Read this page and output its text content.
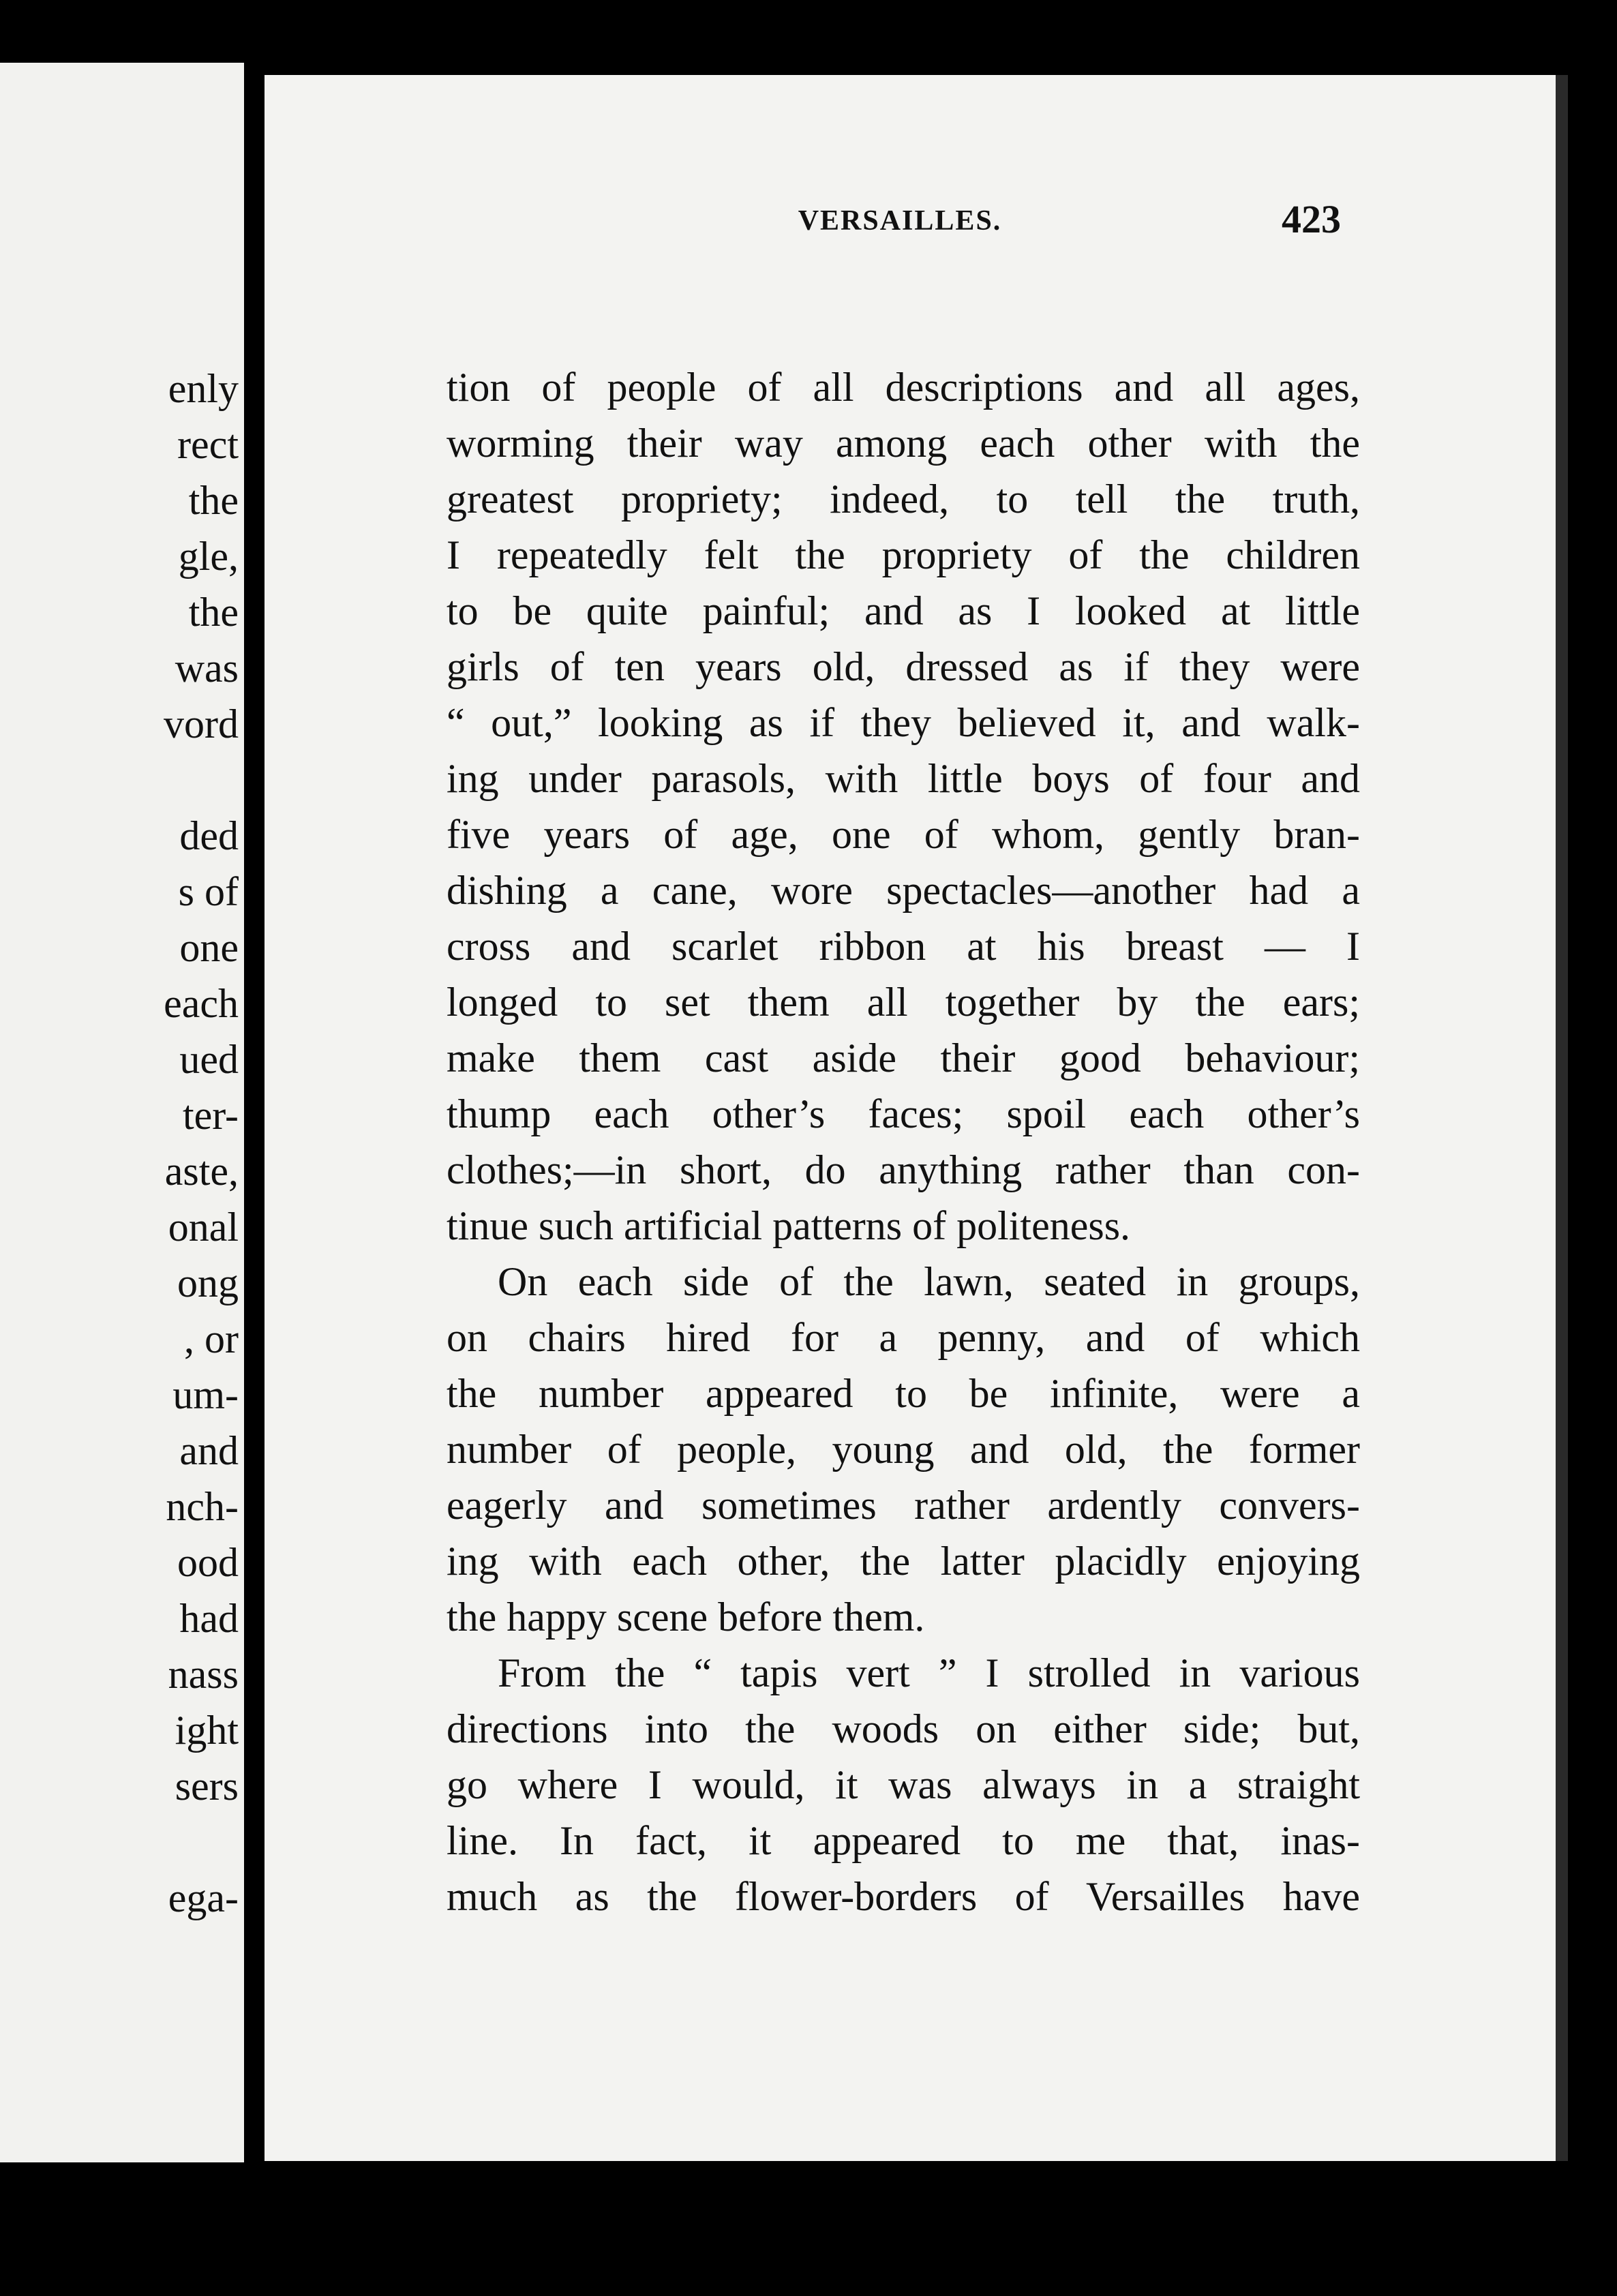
enly
rect
the
gle,
the
was
vord
ded
s of
one
each
ued
ter-
aste,
onal
ong
, or
um-
and
nch-
ood
had
nass
ight
sers
ega-
VERSAILLES.	423
tion of people of all descriptions and all ages,
worming their way among each other with the
greatest propriety; indeed, to tell the truth,
I repeatedly felt the propriety of the children
to be quite painful; and as I looked at little
girls of ten years old, dressed as if they were
“ out,” looking as if they believed it, and walk-
ing under parasols, with little boys of four and
five years of age, one of whom, gently bran-
dishing a cane, wore spectacles—another had a
cross and scarlet ribbon at his breast — I
longed to set them all together by the ears;
make them cast aside their good behaviour;
thump each other’s faces; spoil each other’s
clothes;—in short, do anything rather than con-
tinue such artificial patterns of politeness.
On each side of the lawn, seated in groups,
on chairs hired for a penny, and of which
the number appeared to be infinite, were a
number of people, young and old, the former
eagerly and sometimes rather ardently convers-
ing with each other, the latter placidly enjoying
the happy scene before them.
From the “ tapis vert ” I strolled in various
directions into the woods on either side; but,
go where I would, it was always in a straight
line. In fact, it appeared to me that, inas-
much as the flower-borders of Versailles have
